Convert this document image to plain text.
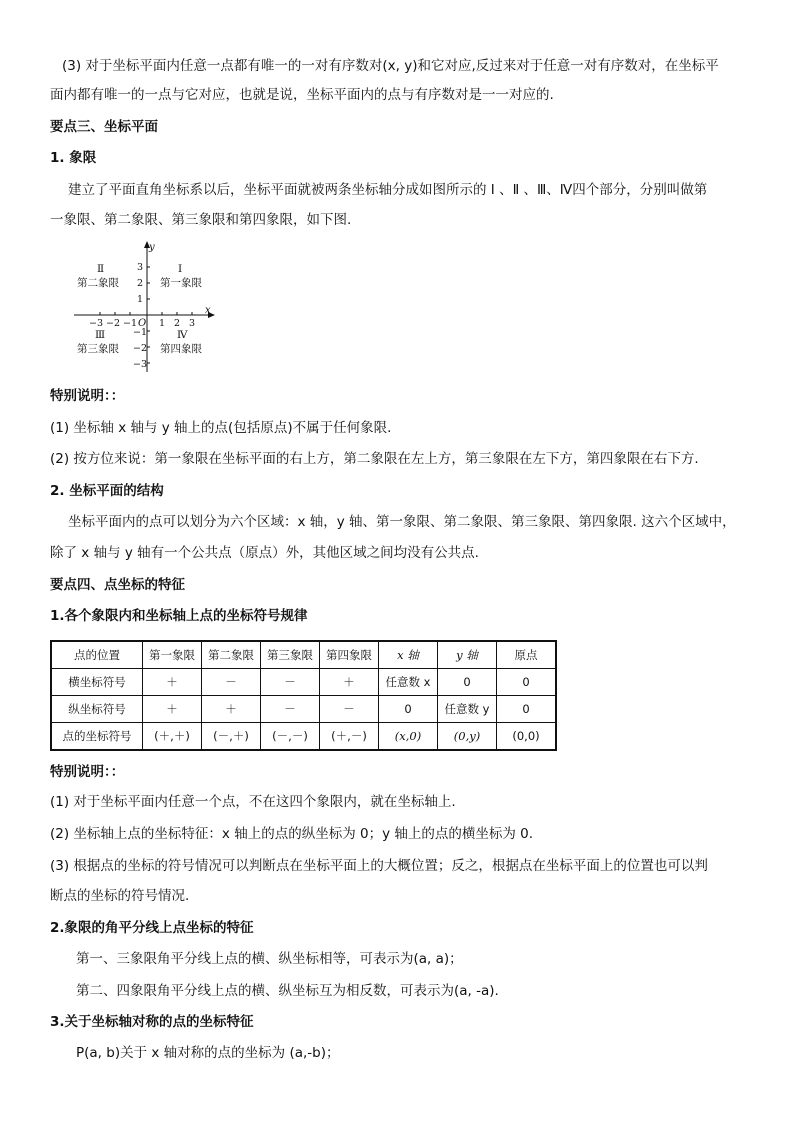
(3) 对于坐标平面内任意一点都有唯一的一对有序数对(x, y)和它对应,反过来对于任意一对有序数对，在坐标平
面内都有唯一的一点与它对应，也就是说，坐标平面内的点与有序数对是一一对应的.
要点三、坐标平面
1. 象限
建立了平面直角坐标系以后，坐标平面就被两条坐标轴分成如图所示的 Ⅰ 、Ⅱ 、Ⅲ、Ⅳ四个部分，分别叫做第
一象限、第二象限、第三象限和第四象限，如下图.
y
x
O
−3 −2 −1 1 2 3
3
2
1
−1
−2
−3
Ⅱ
第二象限
Ⅰ
第一象限
Ⅲ
第三象限
Ⅳ
第四象限
特别说明：：
(1) 坐标轴 x 轴与 y 轴上的点(包括原点)不属于任何象限.
(2) 按方位来说：第一象限在坐标平面的右上方，第二象限在左上方，第三象限在左下方，第四象限在右下方.
2. 坐标平面的结构
坐标平面内的点可以划分为六个区域：x 轴，y 轴、第一象限、第二象限、第三象限、第四象限. 这六个区域中，
除了 x 轴与 y 轴有一个公共点（原点）外，其他区域之间均没有公共点.
要点四、点坐标的特征
1.各个象限内和坐标轴上点的坐标符号规律
点的位置	第一象限	第二象限	第三象限	第四象限	x 轴	y 轴	原点
横坐标符号	＋	－	－	＋	任意数 x	0	0
纵坐标符号	＋	＋	－	－	0	任意数 y	0
点的坐标符号	(＋,＋)	(－,＋)	(－,－)	(＋,－)	(x,0)	(0,y)	(0,0)
特别说明：：
(1) 对于坐标平面内任意一个点，不在这四个象限内，就在坐标轴上.
(2) 坐标轴上点的坐标特征：x 轴上的点的纵坐标为 0；y 轴上的点的横坐标为 0.
(3) 根据点的坐标的符号情况可以判断点在坐标平面上的大概位置；反之，根据点在坐标平面上的位置也可以判
断点的坐标的符号情况.
2.象限的角平分线上点坐标的特征
第一、三象限角平分线上点的横、纵坐标相等，可表示为(a, a)；
第二、四象限角平分线上点的横、纵坐标互为相反数，可表示为(a, -a).
3.关于坐标轴对称的点的坐标特征
P(a, b)关于 x 轴对称的点的坐标为 (a,-b)；
